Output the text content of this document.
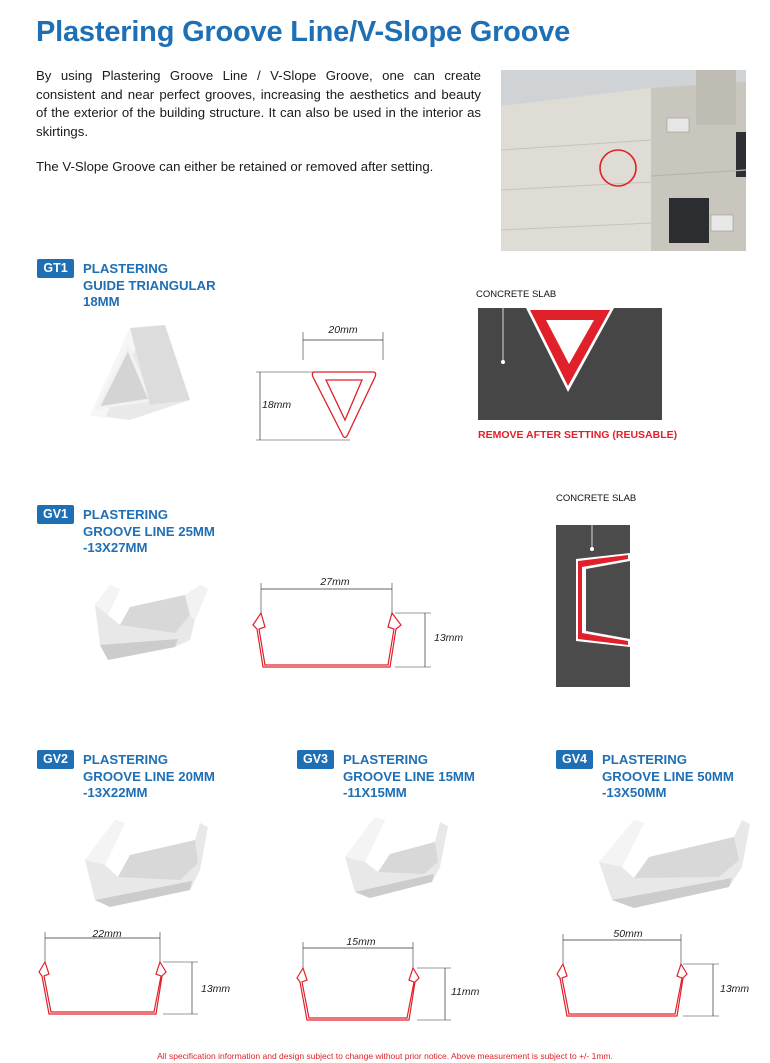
Plastering Groove Line/V-Slope Groove

By using Plastering Groove Line / V-Slope Groove, one can create consistent and near perfect grooves, increasing the aesthetics and beauty of the exterior of the building structure. It can also be used in the interior as skirtings.

The V-Slope Groove can either be retained or removed after setting.

GT1	PLASTERING
GUIDE TRIANGULAR
18MM
20mm
18mm
CONCRETE SLAB
REMOVE AFTER SETTING (REUSABLE)
GV1	PLASTERING
GROOVE LINE 25MM
-13X27MM
27mm
13mm
CONCRETE SLAB
GV2	PLASTERING
GROOVE LINE 20MM
-13X22MM
22mm
13mm
GV3	PLASTERING
GROOVE LINE 15MM
-11X15MM
15mm
11mm
GV4	PLASTERING
GROOVE LINE 50MM
-13X50MM
50mm
13mm
All specification information and design subject to change without prior notice. Above measurement is subject to +/- 1mm.
